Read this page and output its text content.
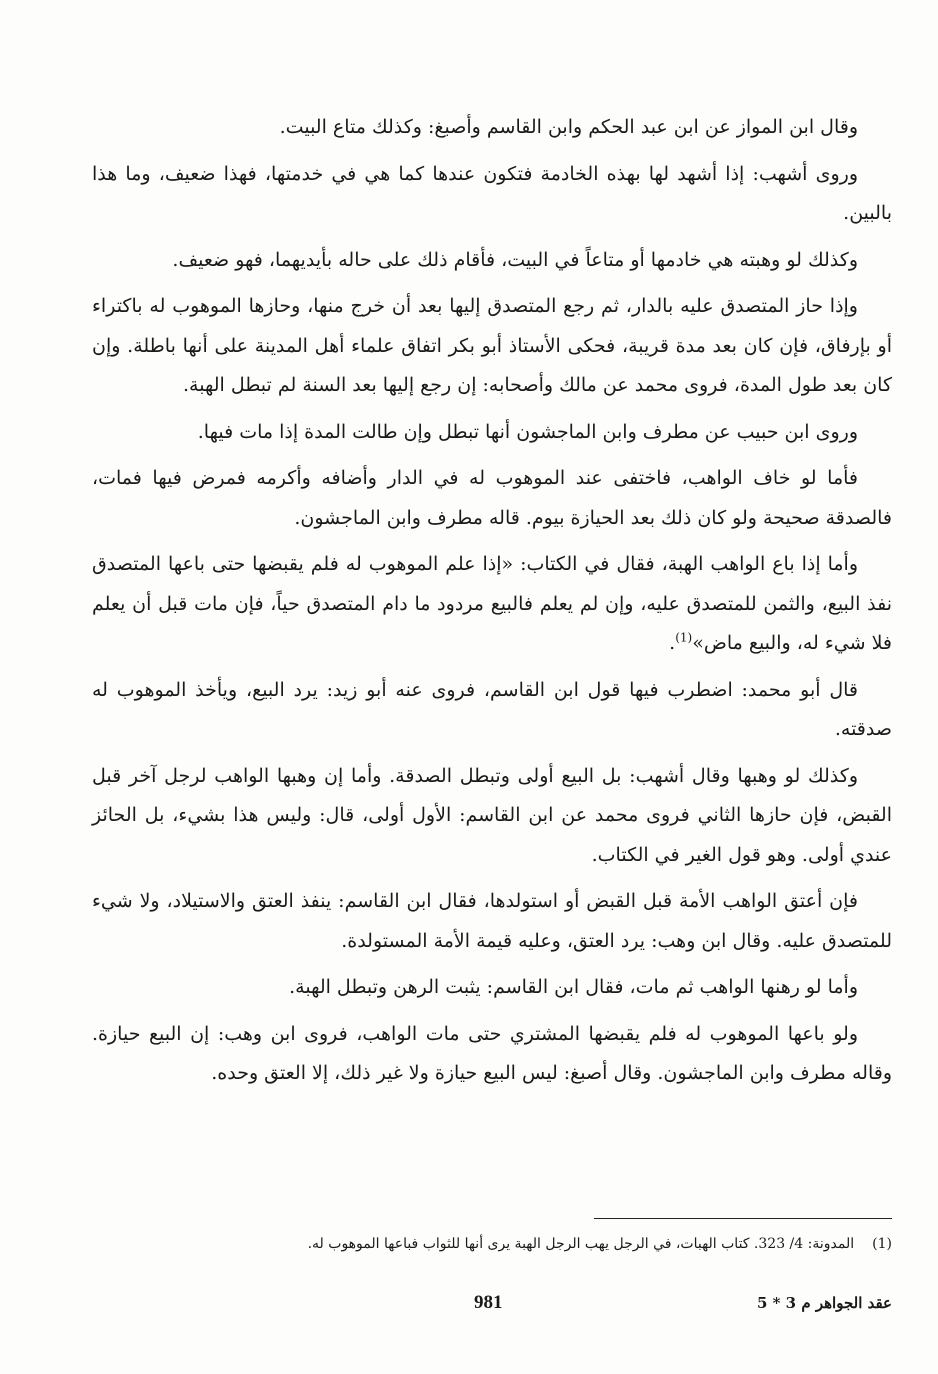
وقال ابن المواز عن ابن عبد الحكم وابن القاسم وأصبغ: وكذلك متاع البيت.

وروى أشهب: إذا أشهد لها بهذه الخادمة فتكون عندها كما هي في خدمتها، فهذا ضعيف، وما هذا بالبين.

وكذلك لو وهبته هي خادمها أو متاعاً في البيت، فأقام ذلك على حاله بأيديهما، فهو ضعيف.

وإذا حاز المتصدق عليه بالدار، ثم رجع المتصدق إليها بعد أن خرج منها، وحازها الموهوب له باكتراء أو بإرفاق، فإن كان بعد مدة قريبة، فحكى الأستاذ أبو بكر اتفاق علماء أهل المدينة على أنها باطلة. وإن كان بعد طول المدة، فروى محمد عن مالك وأصحابه: إن رجع إليها بعد السنة لم تبطل الهبة.

وروى ابن حبيب عن مطرف وابن الماجشون أنها تبطل وإن طالت المدة إذا مات فيها.

فأما لو خاف الواهب، فاختفى عند الموهوب له في الدار وأضافه وأكرمه فمرض فيها فمات، فالصدقة صحيحة ولو كان ذلك بعد الحيازة بيوم. قاله مطرف وابن الماجشون.

وأما إذا باع الواهب الهبة، فقال في الكتاب: «إذا علم الموهوب له فلم يقبضها حتى باعها المتصدق نفذ البيع، والثمن للمتصدق عليه، وإن لم يعلم فالبيع مردود ما دام المتصدق حياً، فإن مات قبل أن يعلم فلا شيء له، والبيع ماض»$^{(1)}$.

قال أبو محمد: اضطرب فيها قول ابن القاسم، فروى عنه أبو زيد: يرد البيع، ويأخذ الموهوب له صدقته.

وكذلك لو وهبها وقال أشهب: بل البيع أولى وتبطل الصدقة. وأما إن وهبها الواهب لرجل آخر قبل القبض، فإن حازها الثاني فروى محمد عن ابن القاسم: الأول أولى، قال: وليس هذا بشيء، بل الحائز عندي أولى. وهو قول الغير في الكتاب.

فإن أعتق الواهب الأمة قبل القبض أو استولدها، فقال ابن القاسم: ينفذ العتق والاستيلاد، ولا شيء للمتصدق عليه. وقال ابن وهب: يرد العتق، وعليه قيمة الأمة المستولدة.

وأما لو رهنها الواهب ثم مات، فقال ابن القاسم: يثبت الرهن وتبطل الهبة.

ولو باعها الموهوب له فلم يقبضها المشتري حتى مات الواهب، فروى ابن وهب: إن البيع حيازة. وقاله مطرف وابن الماجشون. وقال أصبغ: ليس البيع حيازة ولا غير ذلك، إلا العتق وحده.

(1)المدونة: 4/ 323. كتاب الهبات، في الرجل يهب الرجل الهبة يرى أنها للثواب فباعها الموهوب له.
981	عقد الجواهر م 3 * 5
